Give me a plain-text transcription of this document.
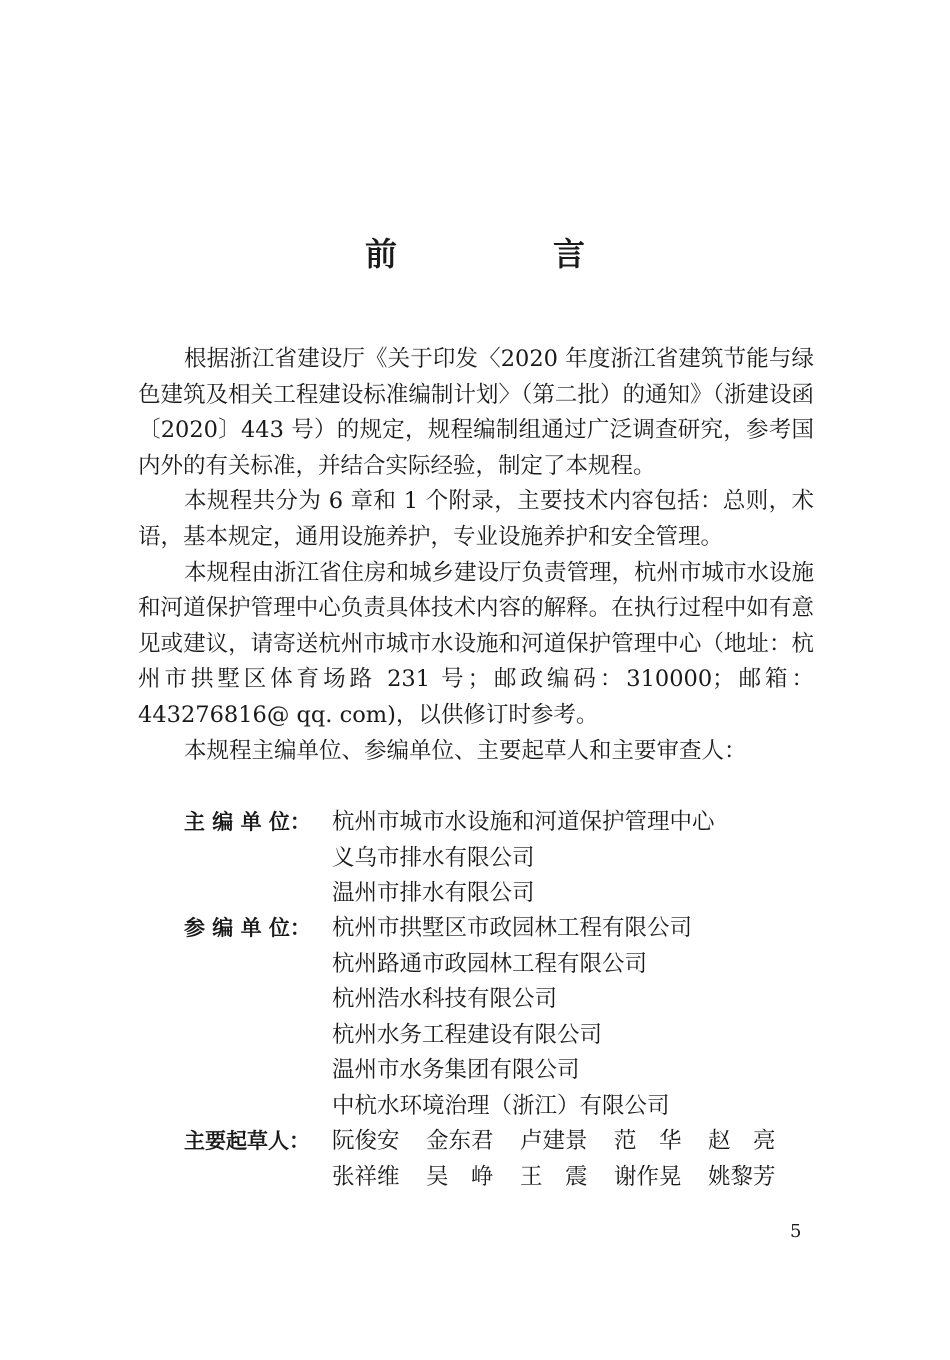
前　言

根据浙江省建设厅《关于印发〈2020 年度浙江省建筑节能与绿色建筑及相关工程建设标准编制计划〉（第二批）的通知》（浙建设函〔2020〕443 号）的规定，规程编制组通过广泛调查研究，参考国内外的有关标准，并结合实际经验，制定了本规程。

本规程共分为 6 章和 1 个附录，主要技术内容包括：总则，术语，基本规定，通用设施养护，专业设施养护和安全管理。

本规程由浙江省住房和城乡建设厅负责管理，杭州市城市水设施和河道保护管理中心负责具体技术内容的解释。在执行过程中如有意见或建议，请寄送杭州市城市水设施和河道保护管理中心（地址：杭州市拱墅区体育场路 231 号；邮政编码：310000；邮箱：443276816@ qq. com)，以供修订时参考。

本规程主编单位、参编单位、主要起草人和主要审查人：

主 编 单 位： 杭州市城市水设施和河道保护管理中心
义乌市排水有限公司
温州市排水有限公司
参 编 单 位： 杭州市拱墅区市政园林工程有限公司
杭州路通市政园林工程有限公司
杭州浩水科技有限公司
杭州水务工程建设有限公司
温州市水务集团有限公司
中杭水环境治理（浙江）有限公司
主要起草人： 阮俊安	金东君	卢建景	范　华	赵　亮
张祥维	吴　峥	王　震	谢作晃	姚黎芳
5
